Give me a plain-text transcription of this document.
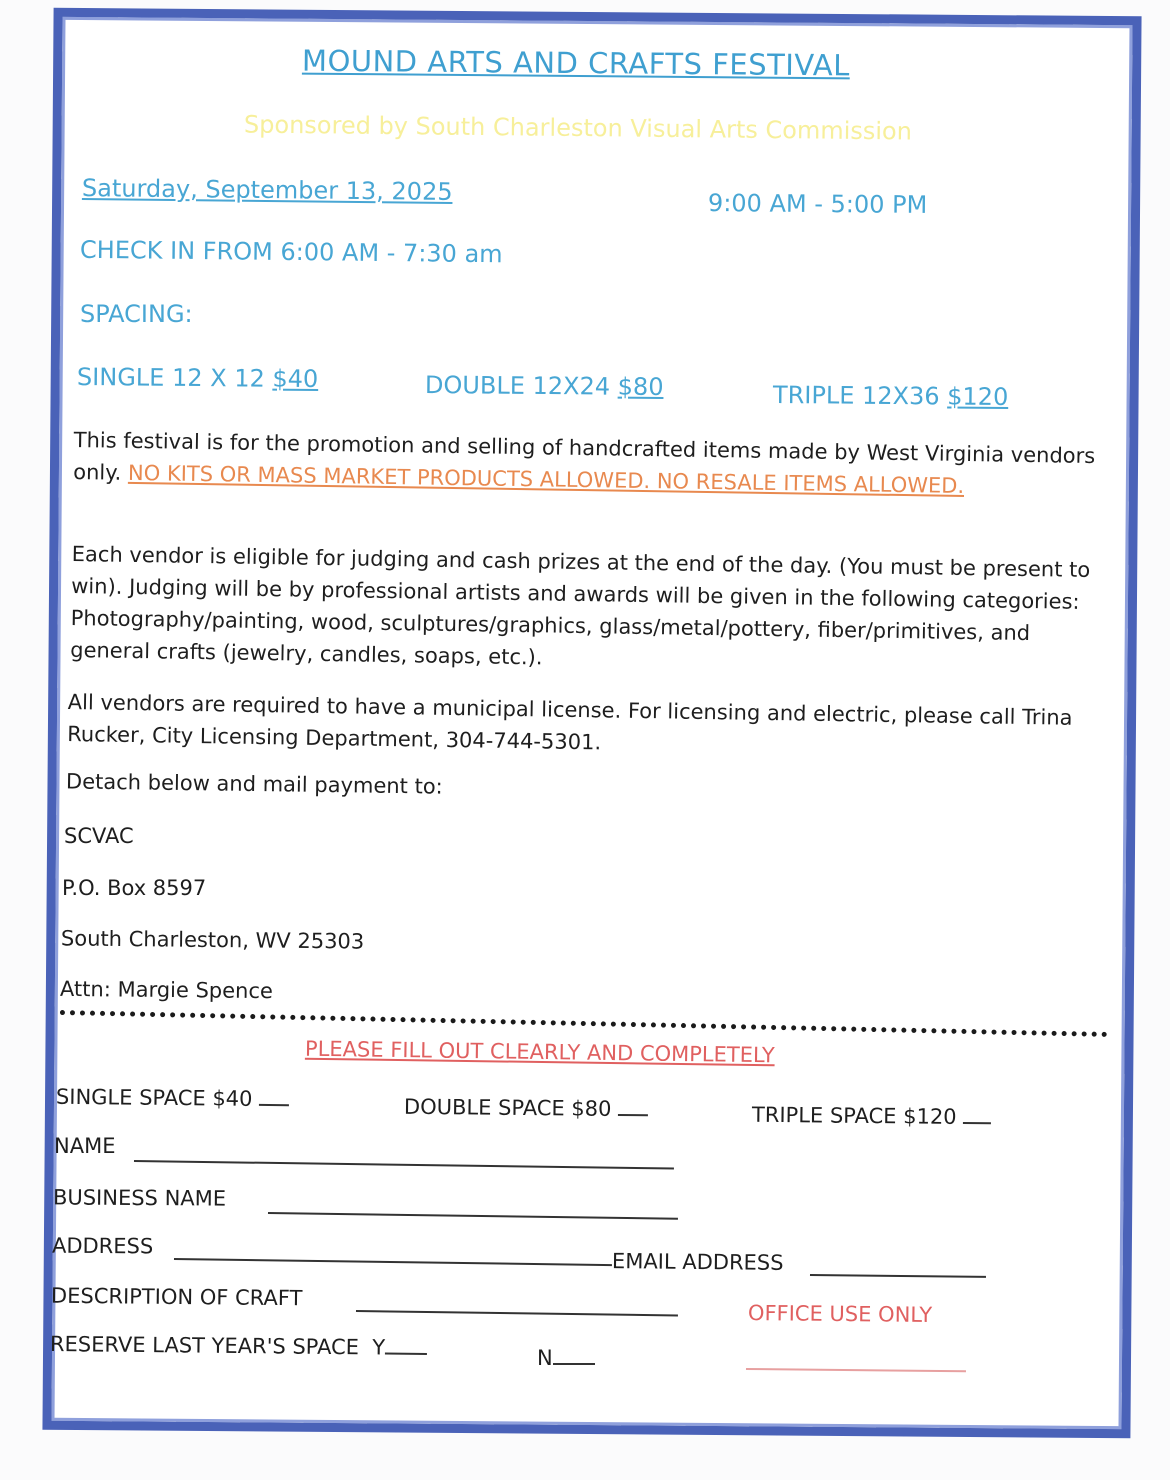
MOUND ARTS AND CRAFTS FESTIVAL
Sponsored by South Charleston Visual Arts Commission
Saturday, September 13, 2025	9:00 AM - 5:00 PM
CHECK IN FROM 6:00 AM - 7:30 am
SPACING:
SINGLE 12 X 12 $40	DOUBLE 12X24 $80	TRIPLE 12X36 $120
This festival is for the promotion and selling of handcrafted items made by West Virginia vendors only. NO KITS OR MASS MARKET PRODUCTS ALLOWED. NO RESALE ITEMS ALLOWED.
Each vendor is eligible for judging and cash prizes at the end of the day. (You must be present to win). Judging will be by professional artists and awards will be given in the following categories: Photography/painting, wood, sculptures/graphics, glass/metal/pottery, fiber/primitives, and general crafts (jewelry, candles, soaps, etc.).
All vendors are required to have a municipal license. For licensing and electric, please call Trina Rucker, City Licensing Department, 304-744-5301.
Detach below and mail payment to:
SCVAC
P.O. Box 8597
South Charleston, WV 25303
Attn: Margie Spence
PLEASE FILL OUT CLEARLY AND COMPLETELY
SINGLE SPACE $40	DOUBLE SPACE $80	TRIPLE SPACE $120
NAME
BUSINESS NAME
ADDRESS
EMAIL ADDRESS
DESCRIPTION OF CRAFT
OFFICE USE ONLY
RESERVE LAST YEAR'S SPACE Y	N
